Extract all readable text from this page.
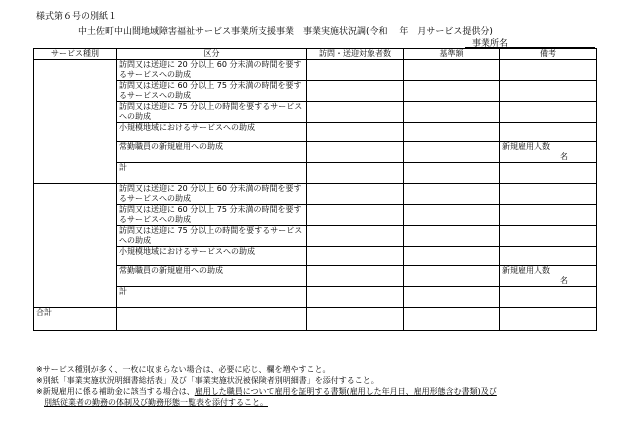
様式第６号の別紙１
中土佐町中山間地域障害福祉サービス事業所支援事業　事業実施状況調(令和　 年　月サービス提供分)
事業所名
サービス種別	区分	訪問・送迎対象者数	基準額	備考
	訪問又は送迎に 20 分以上 60 分未満の時間を要するサービスへの助成			
	訪問又は送迎に 60 分以上 75 分未満の時間を要するサービスへの助成			
	訪問又は送迎に 75 分以上の時間を要するサービスへの助成			
	小規模地域におけるサービスへの助成			
	常勤職員の新規雇用への助成			新規雇用人数
名

	計			
	訪問又は送迎に 20 分以上 60 分未満の時間を要するサービスへの助成			
	訪問又は送迎に 60 分以上 75 分未満の時間を要するサービスへの助成			
	訪問又は送迎に 75 分以上の時間を要するサービスへの助成			
	小規模地域におけるサービスへの助成			
	常勤職員の新規雇用への助成			新規雇用人数
名

	計			
合計				
※サービス種別が多く、一枚に収まらない場合は、必要に応じ、欄を増やすこと。
※別紙「事業実施状況明細書総括表」及び「事業実施状況被保険者別明細書」を添付すること。
※新規雇用に係る補助金に該当する場合は、雇用した職員について雇用を証明する書類(雇用した年月日、雇用形態含む書類)及び
別紙従業者の勤務の体制及び勤務形態一覧表を添付すること。
